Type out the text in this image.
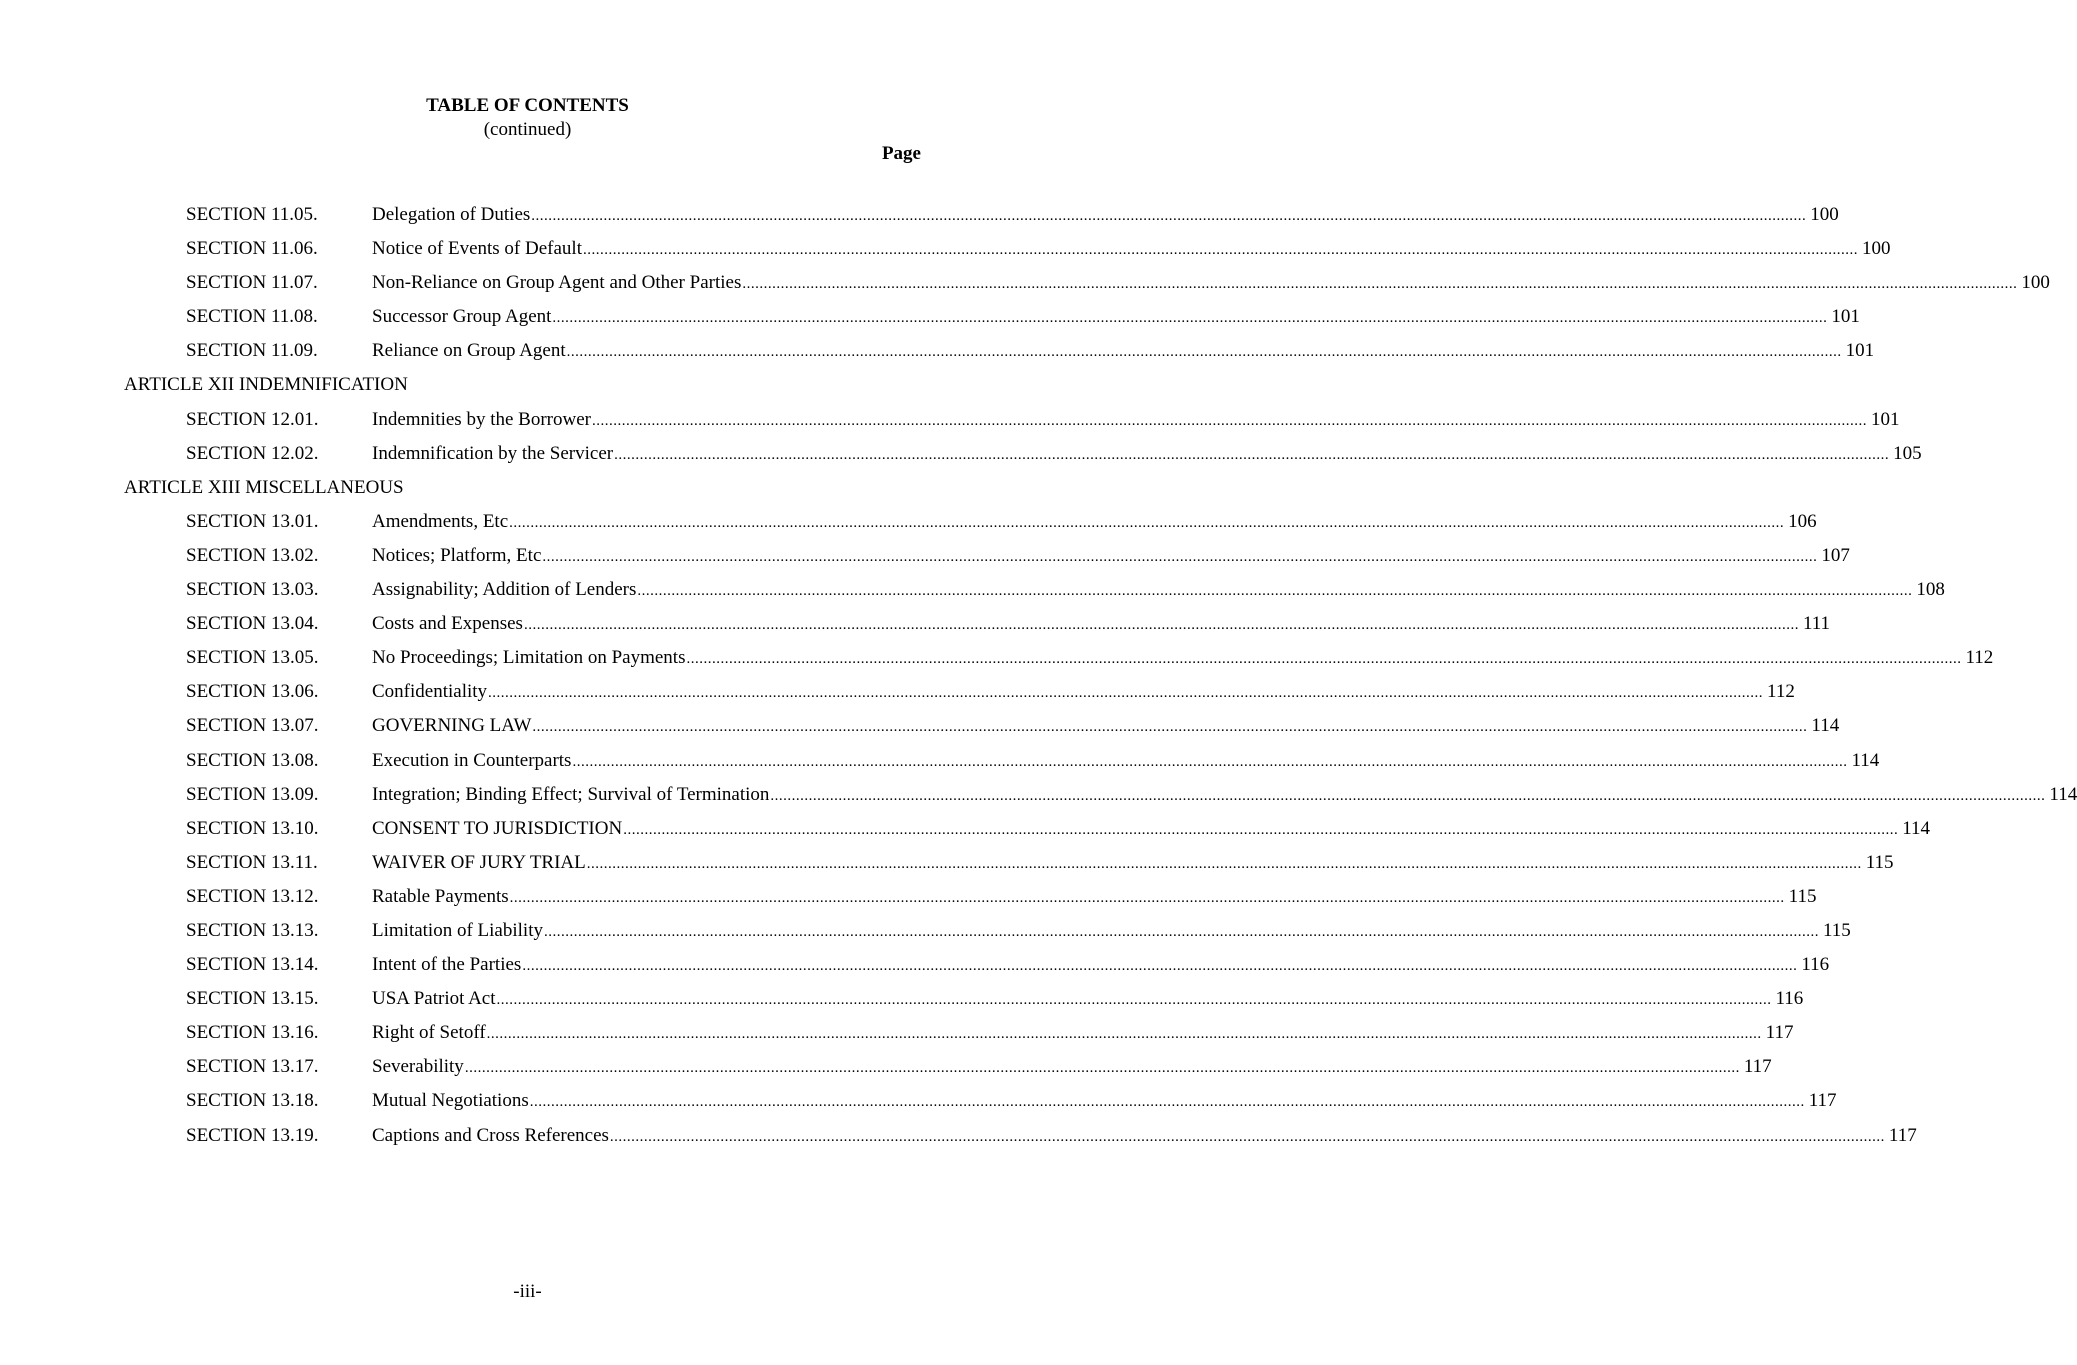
TABLE OF CONTENTS
(continued)
Page
SECTION 11.05.	Delegation of Duties ............................................................................................................................................................................................................................................................................................................ 100
SECTION 11.06.	Notice of Events of Default ............................................................................................................................................................................................................................................................................................................ 100
SECTION 11.07.	Non-Reliance on Group Agent and Other Parties ............................................................................................................................................................................................................................................................................................................ 100
SECTION 11.08.	Successor Group Agent ............................................................................................................................................................................................................................................................................................................ 101
SECTION 11.09.	Reliance on Group Agent ............................................................................................................................................................................................................................................................................................................ 101
ARTICLE XII INDEMNIFICATION
SECTION 12.01.	Indemnities by the Borrower ............................................................................................................................................................................................................................................................................................................ 101
SECTION 12.02.	Indemnification by the Servicer ............................................................................................................................................................................................................................................................................................................ 105
ARTICLE XIII MISCELLANEOUS
SECTION 13.01.	Amendments, Etc ............................................................................................................................................................................................................................................................................................................ 106
SECTION 13.02.	Notices; Platform, Etc ............................................................................................................................................................................................................................................................................................................ 107
SECTION 13.03.	Assignability; Addition of Lenders ............................................................................................................................................................................................................................................................................................................ 108
SECTION 13.04.	Costs and Expenses ............................................................................................................................................................................................................................................................................................................ 111
SECTION 13.05.	No Proceedings; Limitation on Payments ............................................................................................................................................................................................................................................................................................................ 112
SECTION 13.06.	Confidentiality ............................................................................................................................................................................................................................................................................................................ 112
SECTION 13.07.	GOVERNING LAW ............................................................................................................................................................................................................................................................................................................ 114
SECTION 13.08.	Execution in Counterparts ............................................................................................................................................................................................................................................................................................................ 114
SECTION 13.09.	Integration; Binding Effect; Survival of Termination ............................................................................................................................................................................................................................................................................................................ 114
SECTION 13.10.	CONSENT TO JURISDICTION ............................................................................................................................................................................................................................................................................................................ 114
SECTION 13.11.	WAIVER OF JURY TRIAL ............................................................................................................................................................................................................................................................................................................ 115
SECTION 13.12.	Ratable Payments ............................................................................................................................................................................................................................................................................................................ 115
SECTION 13.13.	Limitation of Liability ............................................................................................................................................................................................................................................................................................................ 115
SECTION 13.14.	Intent of the Parties ............................................................................................................................................................................................................................................................................................................ 116
SECTION 13.15.	USA Patriot Act ............................................................................................................................................................................................................................................................................................................ 116
SECTION 13.16.	Right of Setoff ............................................................................................................................................................................................................................................................................................................ 117
SECTION 13.17.	Severability ............................................................................................................................................................................................................................................................................................................ 117
SECTION 13.18.	Mutual Negotiations ............................................................................................................................................................................................................................................................................................................ 117
SECTION 13.19.	Captions and Cross References ............................................................................................................................................................................................................................................................................................................ 117
-iii-
